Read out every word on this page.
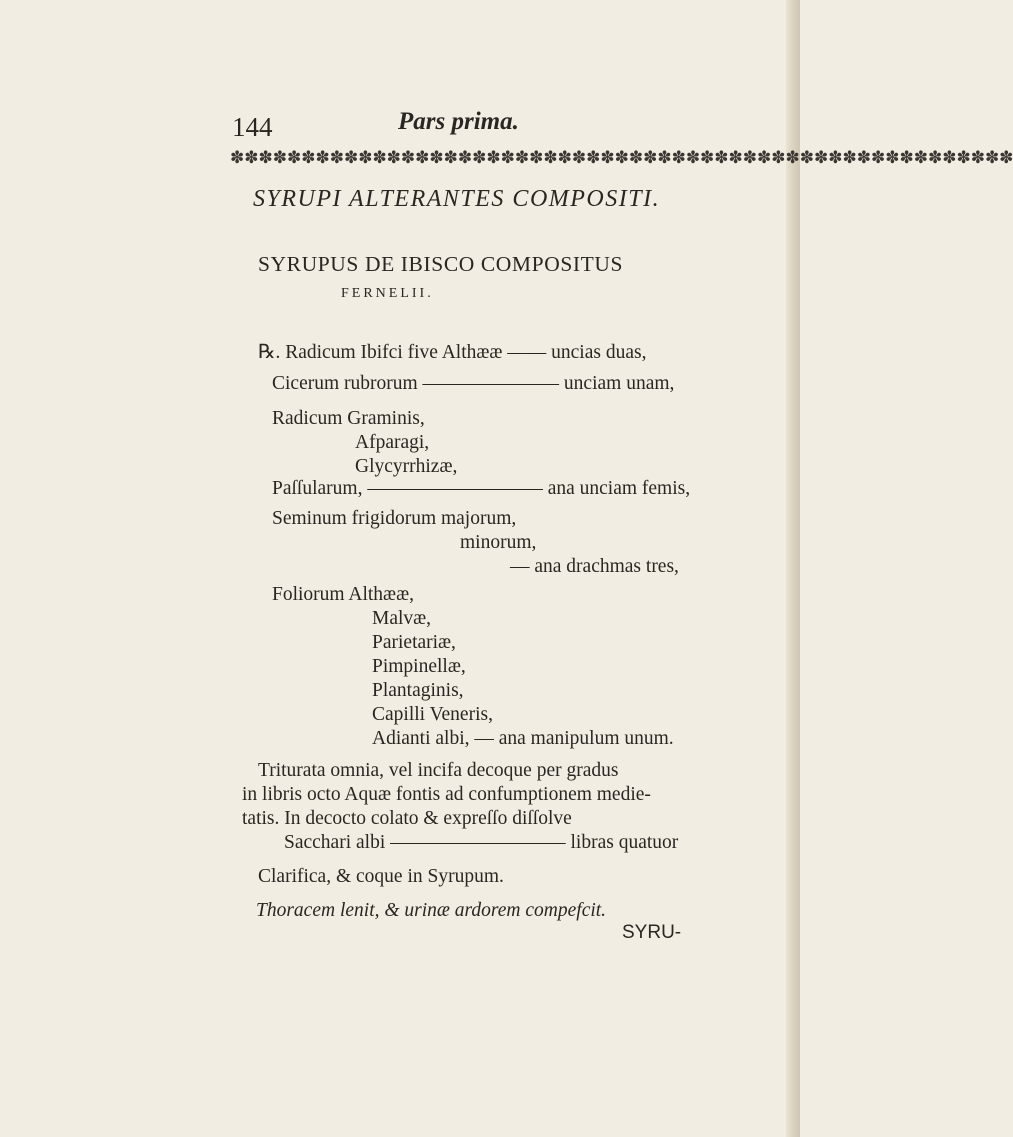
144	Pars prima.
✽✽✽✽✽✽✽✽✽✽✽✽✽✽✽✽✽✽✽✽✽✽✽✽✽✽✽✽✽✽✽✽✽✽✽✽✽✽✽✽✽✽✽✽✽✽✽✽✽✽✽✽✽✽✽
SYRUPI ALTERANTES COMPOSITI.
SYRUPUS DE IBISCO COMPOSITUS
FERNELII.
℞. Radicum Ibifci five Althææ —— uncias duas,
Cicerum rubrorum ——————— unciam unam,
Radicum Graminis,
Afparagi,
Glycyrrhizæ,
Paſſularum, ————————— ana unciam femis,
Seminum frigidorum majorum,
minorum,
— ana drachmas tres,
Foliorum Althææ,
Malvæ,
Parietariæ,
Pimpinellæ,
Plantaginis,
Capilli Veneris,
Adianti albi, — ana manipulum unum.
Triturata omnia, vel incifa decoque per gradus
in libris octo Aquæ fontis ad confumptionem medie-
tatis. In decocto colato & expreſſo diſſolve
Sacchari albi ————————— libras quatuor
Clarifica, & coque in Syrupum.
Thoracem lenit, & urinæ ardorem compefcit.
SYRU-
